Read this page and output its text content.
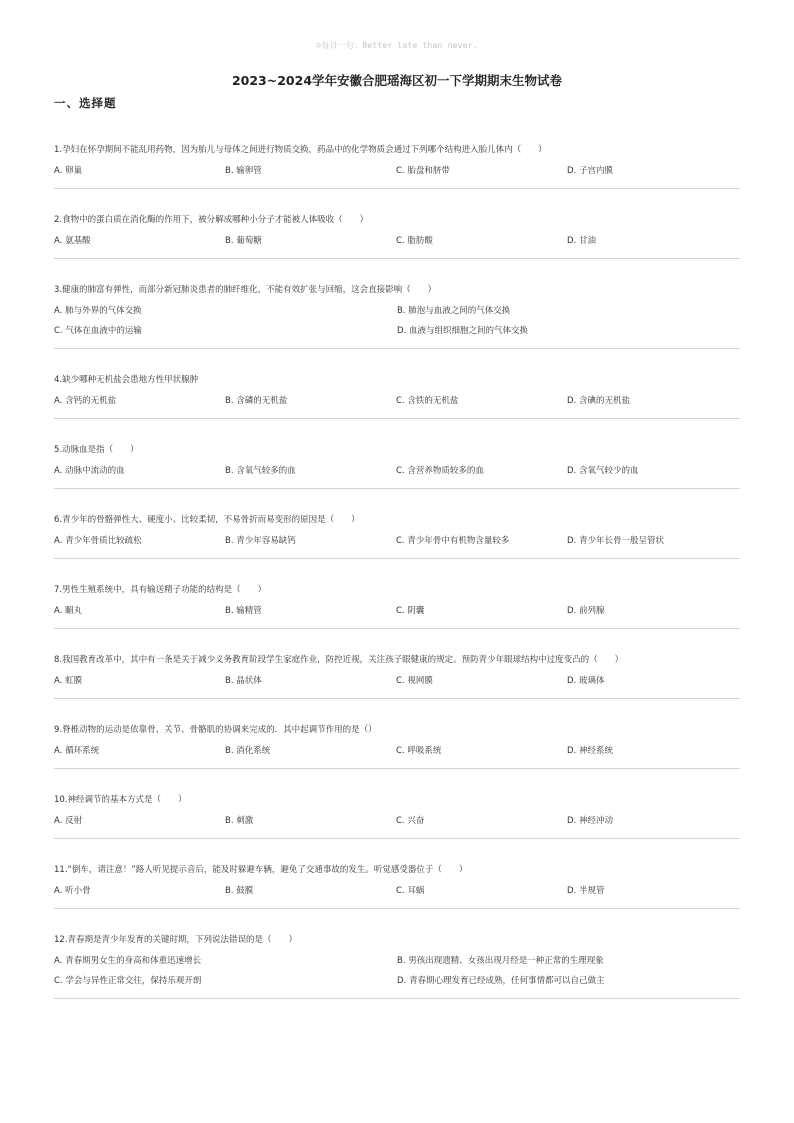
☺每日一句：Better late than never.
2023~2024学年安徽合肥瑶海区初一下学期期末生物试卷
一、选择题
1.孕妇在怀孕期间不能乱用药物，因为胎儿与母体之间进行物质交换，药品中的化学物质会通过下列哪个结构进入胎儿体内（　　）
A. 卵巢	B. 输卵管	C. 胎盘和脐带	D. 子宫内膜
2.食物中的蛋白质在消化酶的作用下，被分解成哪种小分子才能被人体吸收（　　）
A. 氨基酸	B. 葡萄糖	C. 脂肪酸	D. 甘油
3.健康的肺富有弹性，而部分新冠肺炎患者的肺纤维化，不能有效扩张与回缩，这会直接影响（　　）
A. 肺与外界的气体交换	B. 肺泡与血液之间的气体交换
C. 气体在血液中的运输	D. 血液与组织细胞之间的气体交换
4.缺少哪种无机盐会患地方性甲状腺肿
A. 含钙的无机盐	B. 含磷的无机盐	C. 含铁的无机盐	D. 含碘的无机盐
5.动脉血是指（　　）
A. 动脉中流动的血	B. 含氧气较多的血	C. 含营养物质较多的血	D. 含氧气较少的血
6.青少年的骨骼弹性大、硬度小、比较柔韧，不易骨折而易变形的原因是（　　）
A. 青少年骨质比较疏松	B. 青少年容易缺钙	C. 青少年骨中有机物含量较多	D. 青少年长骨一般呈管状
7.男性生殖系统中，具有输送精子功能的结构是（　　）
A. 睸丸	B. 输精管	C. 阴囊	D. 前列腺
8.我国教育改革中，其中有一条是关于减少义务教育阶段学生家庭作业，防控近视，关注孩子眼健康的规定。预防青少年眼球结构中过度变凸的（　　）
A. 虹膜	B. 晶状体	C. 视网膜	D. 玻璃体
9.脊椎动物的运动是依靠骨、关节、骨骼肌的协调来完成的．其中起调节作用的是（）
A. 循环系统	B. 消化系统	C. 呼吸系统	D. 神经系统
10.神经调节的基本方式是（　　）
A. 反射	B. 刺激	C. 兴奋	D. 神经冲动
11.“倒车，请注意！”路人听见提示音后，能及时躲避车辆，避免了交通事故的发生。听觉感受器位于（　　）
A. 听小骨	B. 鼓膜	C. 耳蜗	D. 半规管
12.青春期是青少年发育的关键时期，下列说法错误的是（　　）
A. 青春期男女生的身高和体重迅速增长	B. 男孩出现遗精、女孩出现月经是一种正常的生理现象
C. 学会与异性正常交往，保持乐观开朗	D. 青春期心理发育已经成熟，任何事情都可以自己做主
